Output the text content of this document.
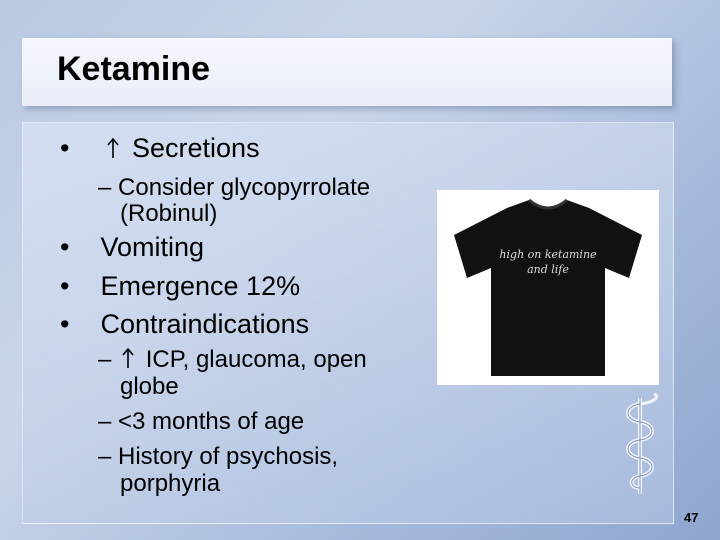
Ketamine
• Secretions
– Consider glycopyrrolate
(Robinul)
• Vomiting
• Emergence 12%
• Contraindications
– ICP, glaucoma, open
globe
– <3 months of age
– History of psychosis,
porphyria
high on ketamine
and life
47
